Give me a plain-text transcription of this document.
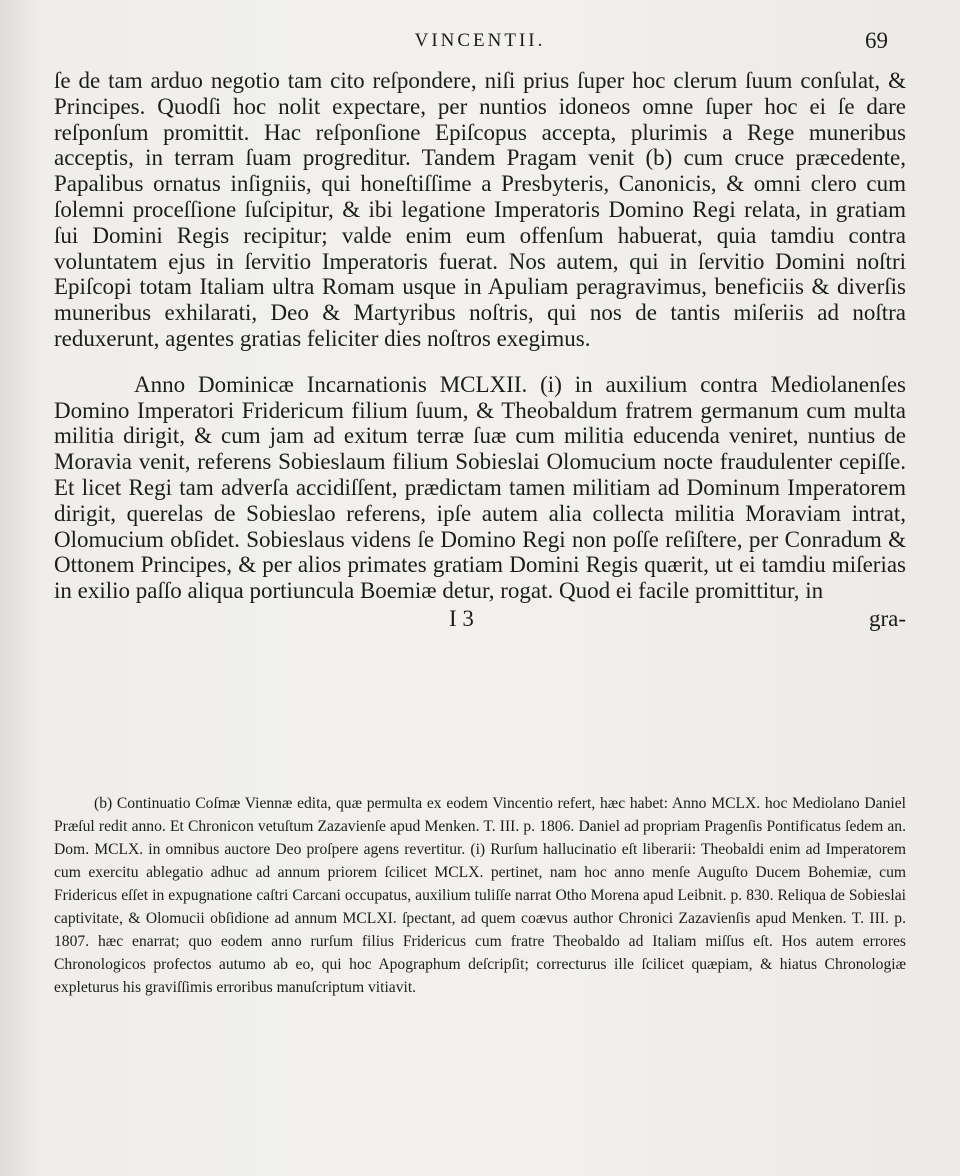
VINCENTII.	69

ſe de tam arduo negotio tam cito reſpondere, niſi prius ſuper hoc clerum ſuum conſulat, & Principes. Quodſi hoc nolit expectare, per nuntios idoneos omne ſuper hoc ei ſe dare reſponſum promittit. Hac reſponſione Epiſcopus accepta, plurimis a Rege muneribus acceptis, in terram ſuam progreditur. Tandem Pragam venit (b) cum cruce præcedente, Papalibus ornatus inſigniis, qui honeſtiſſime a Presbyteris, Canonicis, & omni clero cum ſolemni proceſſione ſuſcipitur, & ibi legatione Imperatoris Domino Regi relata, in gratiam ſui Domini Regis recipitur; valde enim eum offenſum habuerat, quia tamdiu contra voluntatem ejus in ſervitio Imperatoris fuerat. Nos autem, qui in ſervitio Domini noſtri Epiſcopi totam Italiam ultra Romam usque in Apuliam peragravimus, beneficiis & diverſis muneribus exhilarati, Deo & Martyribus noſtris, qui nos de tantis miſeriis ad noſtra reduxerunt, agentes gratias feliciter dies noſtros exegimus.

Anno Dominicæ Incarnationis MCLXII. (i) in auxilium contra Mediolanenſes Domino Imperatori Fridericum filium ſuum, & Theobaldum fratrem germanum cum multa militia dirigit, & cum jam ad exitum terræ ſuæ cum militia educenda veniret, nuntius de Moravia venit, referens Sobieslaum filium Sobieslai Olomucium nocte fraudulenter cepiſſe. Et licet Regi tam adverſa accidiſſent, prædictam tamen militiam ad Dominum Imperatorem dirigit, querelas de Sobieslao referens, ipſe autem alia collecta militia Moraviam intrat, Olomucium obſidet. Sobieslaus videns ſe Domino Regi non poſſe reſiſtere, per Conradum & Ottonem Principes, & per alios primates gratiam Domini Regis quærit, ut ei tamdiu miſerias in exilio paſſo aliqua portiuncula Boemiæ detur, rogat. Quod ei facile promittitur, in

I 3	gra-

(b) Continuatio Coſmæ Viennæ edita, quæ permulta ex eodem Vincentio refert, hæc habet: Anno MCLX. hoc Mediolano Daniel Præſul redit anno. Et Chronicon vetuſtum Zazavienſe apud Menken. T. III. p. 1806. Daniel ad propriam Pragenſis Pontificatus ſedem an. Dom. MCLX. in omnibus auctore Deo proſpere agens revertitur. (i) Rurſum hallucinatio eſt liberarii: Theobaldi enim ad Imperatorem cum exercitu ablegatio adhuc ad annum priorem ſcilicet MCLX. pertinet, nam hoc anno menſe Auguſto Ducem Bohemiæ, cum Fridericus eſſet in expugnatione caſtri Carcani occupatus, auxilium tuliſſe narrat Otho Morena apud Leibnit. p. 830. Reliqua de Sobieslai captivitate, & Olomucii obſidione ad annum MCLXI. ſpectant, ad quem coævus author Chronici Zazavienſis apud Menken. T. III. p. 1807. hæc enarrat; quo eodem anno rurſum filius Fridericus cum fratre Theobaldo ad Italiam miſſus eſt. Hos autem errores Chronologicos profectos autumo ab eo, qui hoc Apographum deſcripſit; correcturus ille ſcilicet quæpiam, & hiatus Chronologiæ expleturus his graviſſimis erroribus manuſcriptum vitiavit.
